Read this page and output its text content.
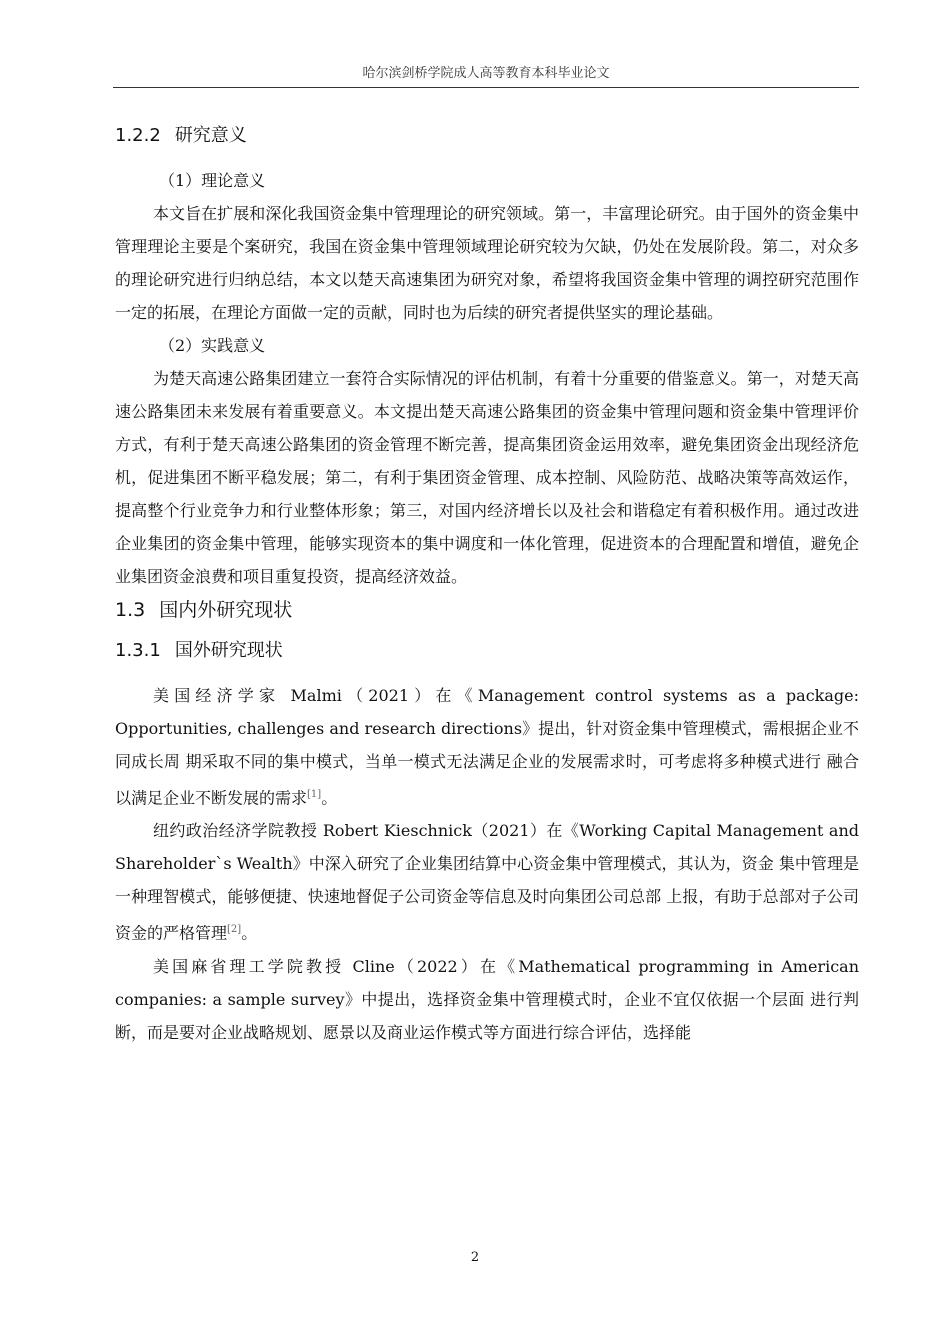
哈尔滨剑桥学院成人高等教育本科毕业论文
1.2.2 研究意义
（1）理论意义

本文旨在扩展和深化我国资金集中管理理论的研究领域。第一，丰富理论研究。由于国外的资金集中管理理论主要是个案研究，我国在资金集中管理领域理论研究较为欠缺，仍处在发展阶段。第二，对众多的理论研究进行归纳总结，本文以楚天高速集团为研究对象，希望将我国资金集中管理的调控研究范围作一定的拓展，在理论方面做一定的贡献，同时也为后续的研究者提供坚实的理论基础。

（2）实践意义

为楚天高速公路集团建立一套符合实际情况的评估机制，有着十分重要的借鉴意义。第一，对楚天高速公路集团未来发展有着重要意义。本文提出楚天高速公路集团的资金集中管理问题和资金集中管理评价方式，有利于楚天高速公路集团的资金管理不断完善，提高集团资金运用效率，避免集团资金出现经济危机，促进集团不断平稳发展；第二，有利于集团资金管理、成本控制、风险防范、战略决策等高效运作，提高整个行业竞争力和行业整体形象；第三，对国内经济增长以及社会和谐稳定有着积极作用。通过改进企业集团的资金集中管理，能够实现资本的集中调度和一体化管理，促进资本的合理配置和增值，避免企业集团资金浪费和项目重复投资，提高经济效益。

1.3 国内外研究现状
1.3.1 国外研究现状

美国经济学家 Malmi（2021）在《Management control systems as a package: Opportunities, challenges and research directions》提出，针对资金集中管理模式，需根据企业不同成长周 期采取不同的集中模式，当单一模式无法满足企业的发展需求时，可考虑将多种模式进行 融合以满足企业不断发展的需求[1]。

纽约政治经济学院教授 Robert Kieschnick（2021）在《Working Capital Management and Shareholder`s Wealth》中深入研究了企业集团结算中心资金集中管理模式，其认为，资金 集中管理是一种理智模式，能够便捷、快速地督促子公司资金等信息及时向集团公司总部 上报，有助于总部对子公司资金的严格管理[2]。

美国麻省理工学院教授 Cline（2022）在《Mathematical programming in American companies: a sample survey》中提出，选择资金集中管理模式时，企业不宜仅依据一个层面 进行判断，而是要对企业战略规划、愿景以及商业运作模式等方面进行综合评估，选择能

2
